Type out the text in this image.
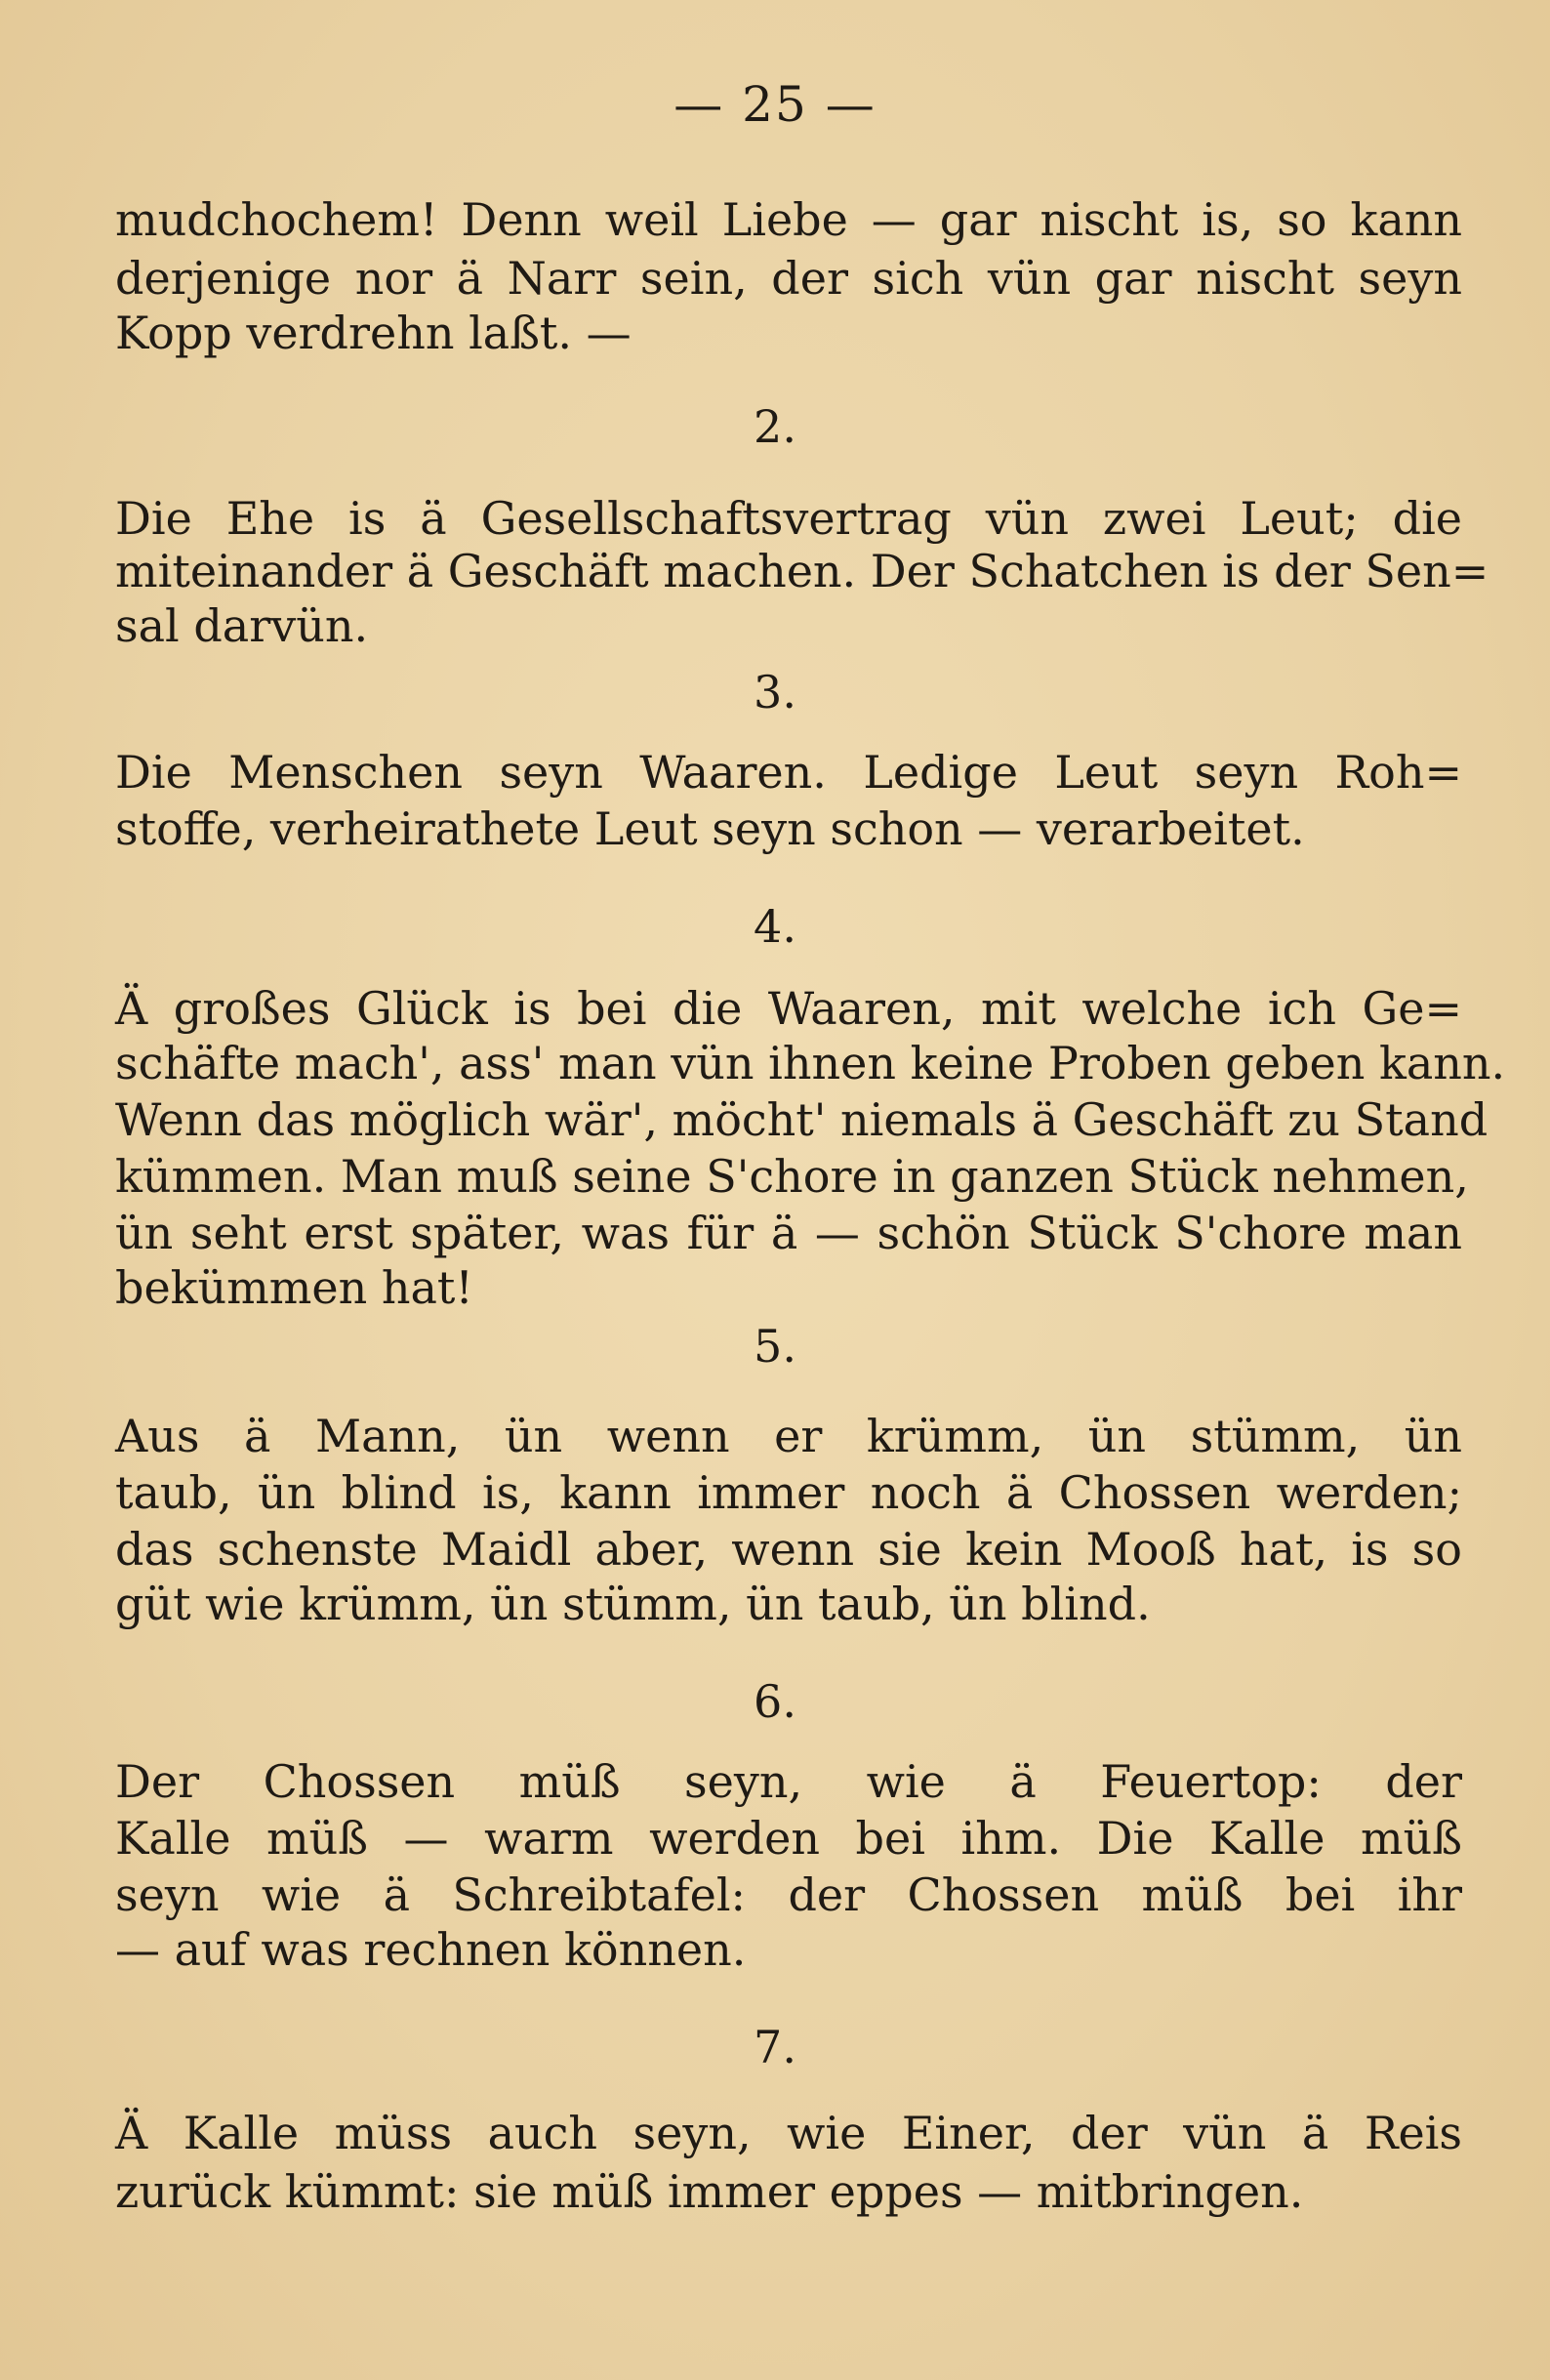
— 25 —
mudchochem! Denn weil Liebe — gar nischt is, so kann
derjenige nor ä Narr sein, der sich vün gar nischt seyn
Kopp verdrehn laßt. —
2.
Die Ehe is ä Gesellschaftsvertrag vün zwei Leut; die
miteinander ä Geschäft machen. Der Schatchen is der Sen=
sal darvün.
3.
Die Menschen seyn Waaren. Ledige Leut seyn Roh=
stoffe, verheirathete Leut seyn schon — verarbeitet.
4.
Ä großes Glück is bei die Waaren, mit welche ich Ge=
schäfte mach', ass' man vün ihnen keine Proben geben kann.
Wenn das möglich wär', möcht' niemals ä Geschäft zu Stand
kümmen. Man muß seine S'chore in ganzen Stück nehmen,
ün seht erst später, was für ä — schön Stück S'chore man
bekümmen hat!
5.
Aus ä Mann, ün wenn er krümm, ün stümm, ün
taub, ün blind is, kann immer noch ä Chossen werden;
das schenste Maidl aber, wenn sie kein Mooß hat, is so
güt wie krümm, ün stümm, ün taub, ün blind.
6.
Der Chossen müß seyn, wie ä Feuertop: der
Kalle müß — warm werden bei ihm. Die Kalle müß
seyn wie ä Schreibtafel: der Chossen müß bei ihr
— auf was rechnen können.
7.
Ä Kalle müss auch seyn, wie Einer, der vün ä Reis
zurück kümmt: sie müß immer eppes — mitbringen.
